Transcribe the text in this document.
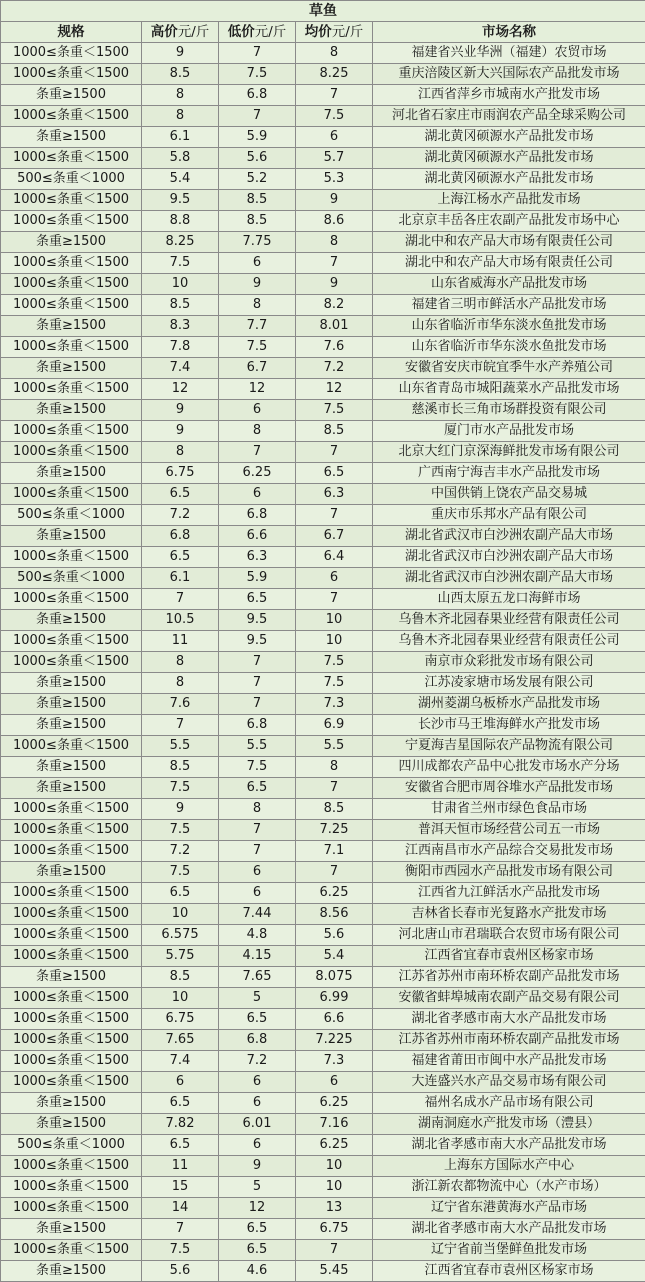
草鱼				
规格	高价元/斤	低价元/斤	均价元/斤	市场名称
1000≤条重＜1500	9	7	8	福建省兴业华洲（福建）农贸市场
1000≤条重＜1500	8.5	7.5	8.25	重庆涪陵区新大兴国际农产品批发市场
条重≥1500	8	6.8	7	江西省萍乡市城南水产批发市场
1000≤条重＜1500	8	7	7.5	河北省石家庄市雨润农产品全球采购公司
条重≥1500	6.1	5.9	6	湖北黄冈硕源水产品批发市场
1000≤条重＜1500	5.8	5.6	5.7	湖北黄冈硕源水产品批发市场
500≤条重＜1000	5.4	5.2	5.3	湖北黄冈硕源水产品批发市场
1000≤条重＜1500	9.5	8.5	9	上海江杨水产品批发市场
1000≤条重＜1500	8.8	8.5	8.6	北京京丰岳各庄农副产品批发市场中心
条重≥1500	8.25	7.75	8	湖北中和农产品大市场有限责任公司
1000≤条重＜1500	7.5	6	7	湖北中和农产品大市场有限责任公司
1000≤条重＜1500	10	9	9	山东省威海水产品批发市场
1000≤条重＜1500	8.5	8	8.2	福建省三明市鲜活水产品批发市场
条重≥1500	8.3	7.7	8.01	山东省临沂市华东淡水鱼批发市场
1000≤条重＜1500	7.8	7.5	7.6	山东省临沂市华东淡水鱼批发市场
条重≥1500	7.4	6.7	7.2	安徽省安庆市皖宜季牛水产养殖公司
1000≤条重＜1500	12	12	12	山东省青岛市城阳蔬菜水产品批发市场
条重≥1500	9	6	7.5	慈溪市长三角市场群投资有限公司
1000≤条重＜1500	9	8	8.5	厦门市水产品批发市场
1000≤条重＜1500	8	7	7	北京大红门京深海鲜批发市场有限公司
条重≥1500	6.75	6.25	6.5	广西南宁海吉丰水产品批发市场
1000≤条重＜1500	6.5	6	6.3	中国供销上饶农产品交易城
500≤条重＜1000	7.2	6.8	7	重庆市乐邦水产品有限公司
条重≥1500	6.8	6.6	6.7	湖北省武汉市白沙洲农副产品大市场
1000≤条重＜1500	6.5	6.3	6.4	湖北省武汉市白沙洲农副产品大市场
500≤条重＜1000	6.1	5.9	6	湖北省武汉市白沙洲农副产品大市场
1000≤条重＜1500	7	6.5	7	山西太原五龙口海鲜市场
条重≥1500	10.5	9.5	10	乌鲁木齐北园春果业经营有限责任公司
1000≤条重＜1500	11	9.5	10	乌鲁木齐北园春果业经营有限责任公司
1000≤条重＜1500	8	7	7.5	南京市众彩批发市场有限公司
条重≥1500	8	7	7.5	江苏凌家塘市场发展有限公司
条重≥1500	7.6	7	7.3	湖州菱湖乌板桥水产品批发市场
条重≥1500	7	6.8	6.9	长沙市马王堆海鲜水产批发市场
1000≤条重＜1500	5.5	5.5	5.5	宁夏海吉星国际农产品物流有限公司
条重≥1500	8.5	7.5	8	四川成都农产品中心批发市场水产分场
条重≥1500	7.5	6.5	7	安徽省合肥市周谷堆水产品批发市场
1000≤条重＜1500	9	8	8.5	甘肃省兰州市绿色食品市场
1000≤条重＜1500	7.5	7	7.25	普洱天恒市场经营公司五一市场
1000≤条重＜1500	7.2	7	7.1	江西南昌市水产品综合交易批发市场
条重≥1500	7.5	6	7	衡阳市西园水产品批发市场有限公司
1000≤条重＜1500	6.5	6	6.25	江西省九江鲜活水产品批发市场
1000≤条重＜1500	10	7.44	8.56	吉林省长春市光复路水产批发市场
1000≤条重＜1500	6.575	4.8	5.6	河北唐山市君瑞联合农贸市场有限公司
1000≤条重＜1500	5.75	4.15	5.4	江西省宜春市袁州区杨家市场
条重≥1500	8.5	7.65	8.075	江苏省苏州市南环桥农副产品批发市场
1000≤条重＜1500	10	5	6.99	安徽省蚌埠城南农副产品交易有限公司
1000≤条重＜1500	6.75	6.5	6.6	湖北省孝感市南大水产品批发市场
1000≤条重＜1500	7.65	6.8	7.225	江苏省苏州市南环桥农副产品批发市场
1000≤条重＜1500	7.4	7.2	7.3	福建省莆田市闽中水产品批发市场
1000≤条重＜1500	6	6	6	大连盛兴水产品交易市场有限公司
条重≥1500	6.5	6	6.25	福州名成水产品市场有限公司
条重≥1500	7.82	6.01	7.16	湖南洞庭水产批发市场（澧县）
500≤条重＜1000	6.5	6	6.25	湖北省孝感市南大水产品批发市场
1000≤条重＜1500	11	9	10	上海东方国际水产中心
1000≤条重＜1500	15	5	10	浙江新农都物流中心（水产市场）
1000≤条重＜1500	14	12	13	辽宁省东港黄海水产品市场
条重≥1500	7	6.5	6.75	湖北省孝感市南大水产品批发市场
1000≤条重＜1500	7.5	6.5	7	辽宁省前当堡鲜鱼批发市场
条重≥1500	5.6	4.6	5.45	江西省宜春市袁州区杨家市场
